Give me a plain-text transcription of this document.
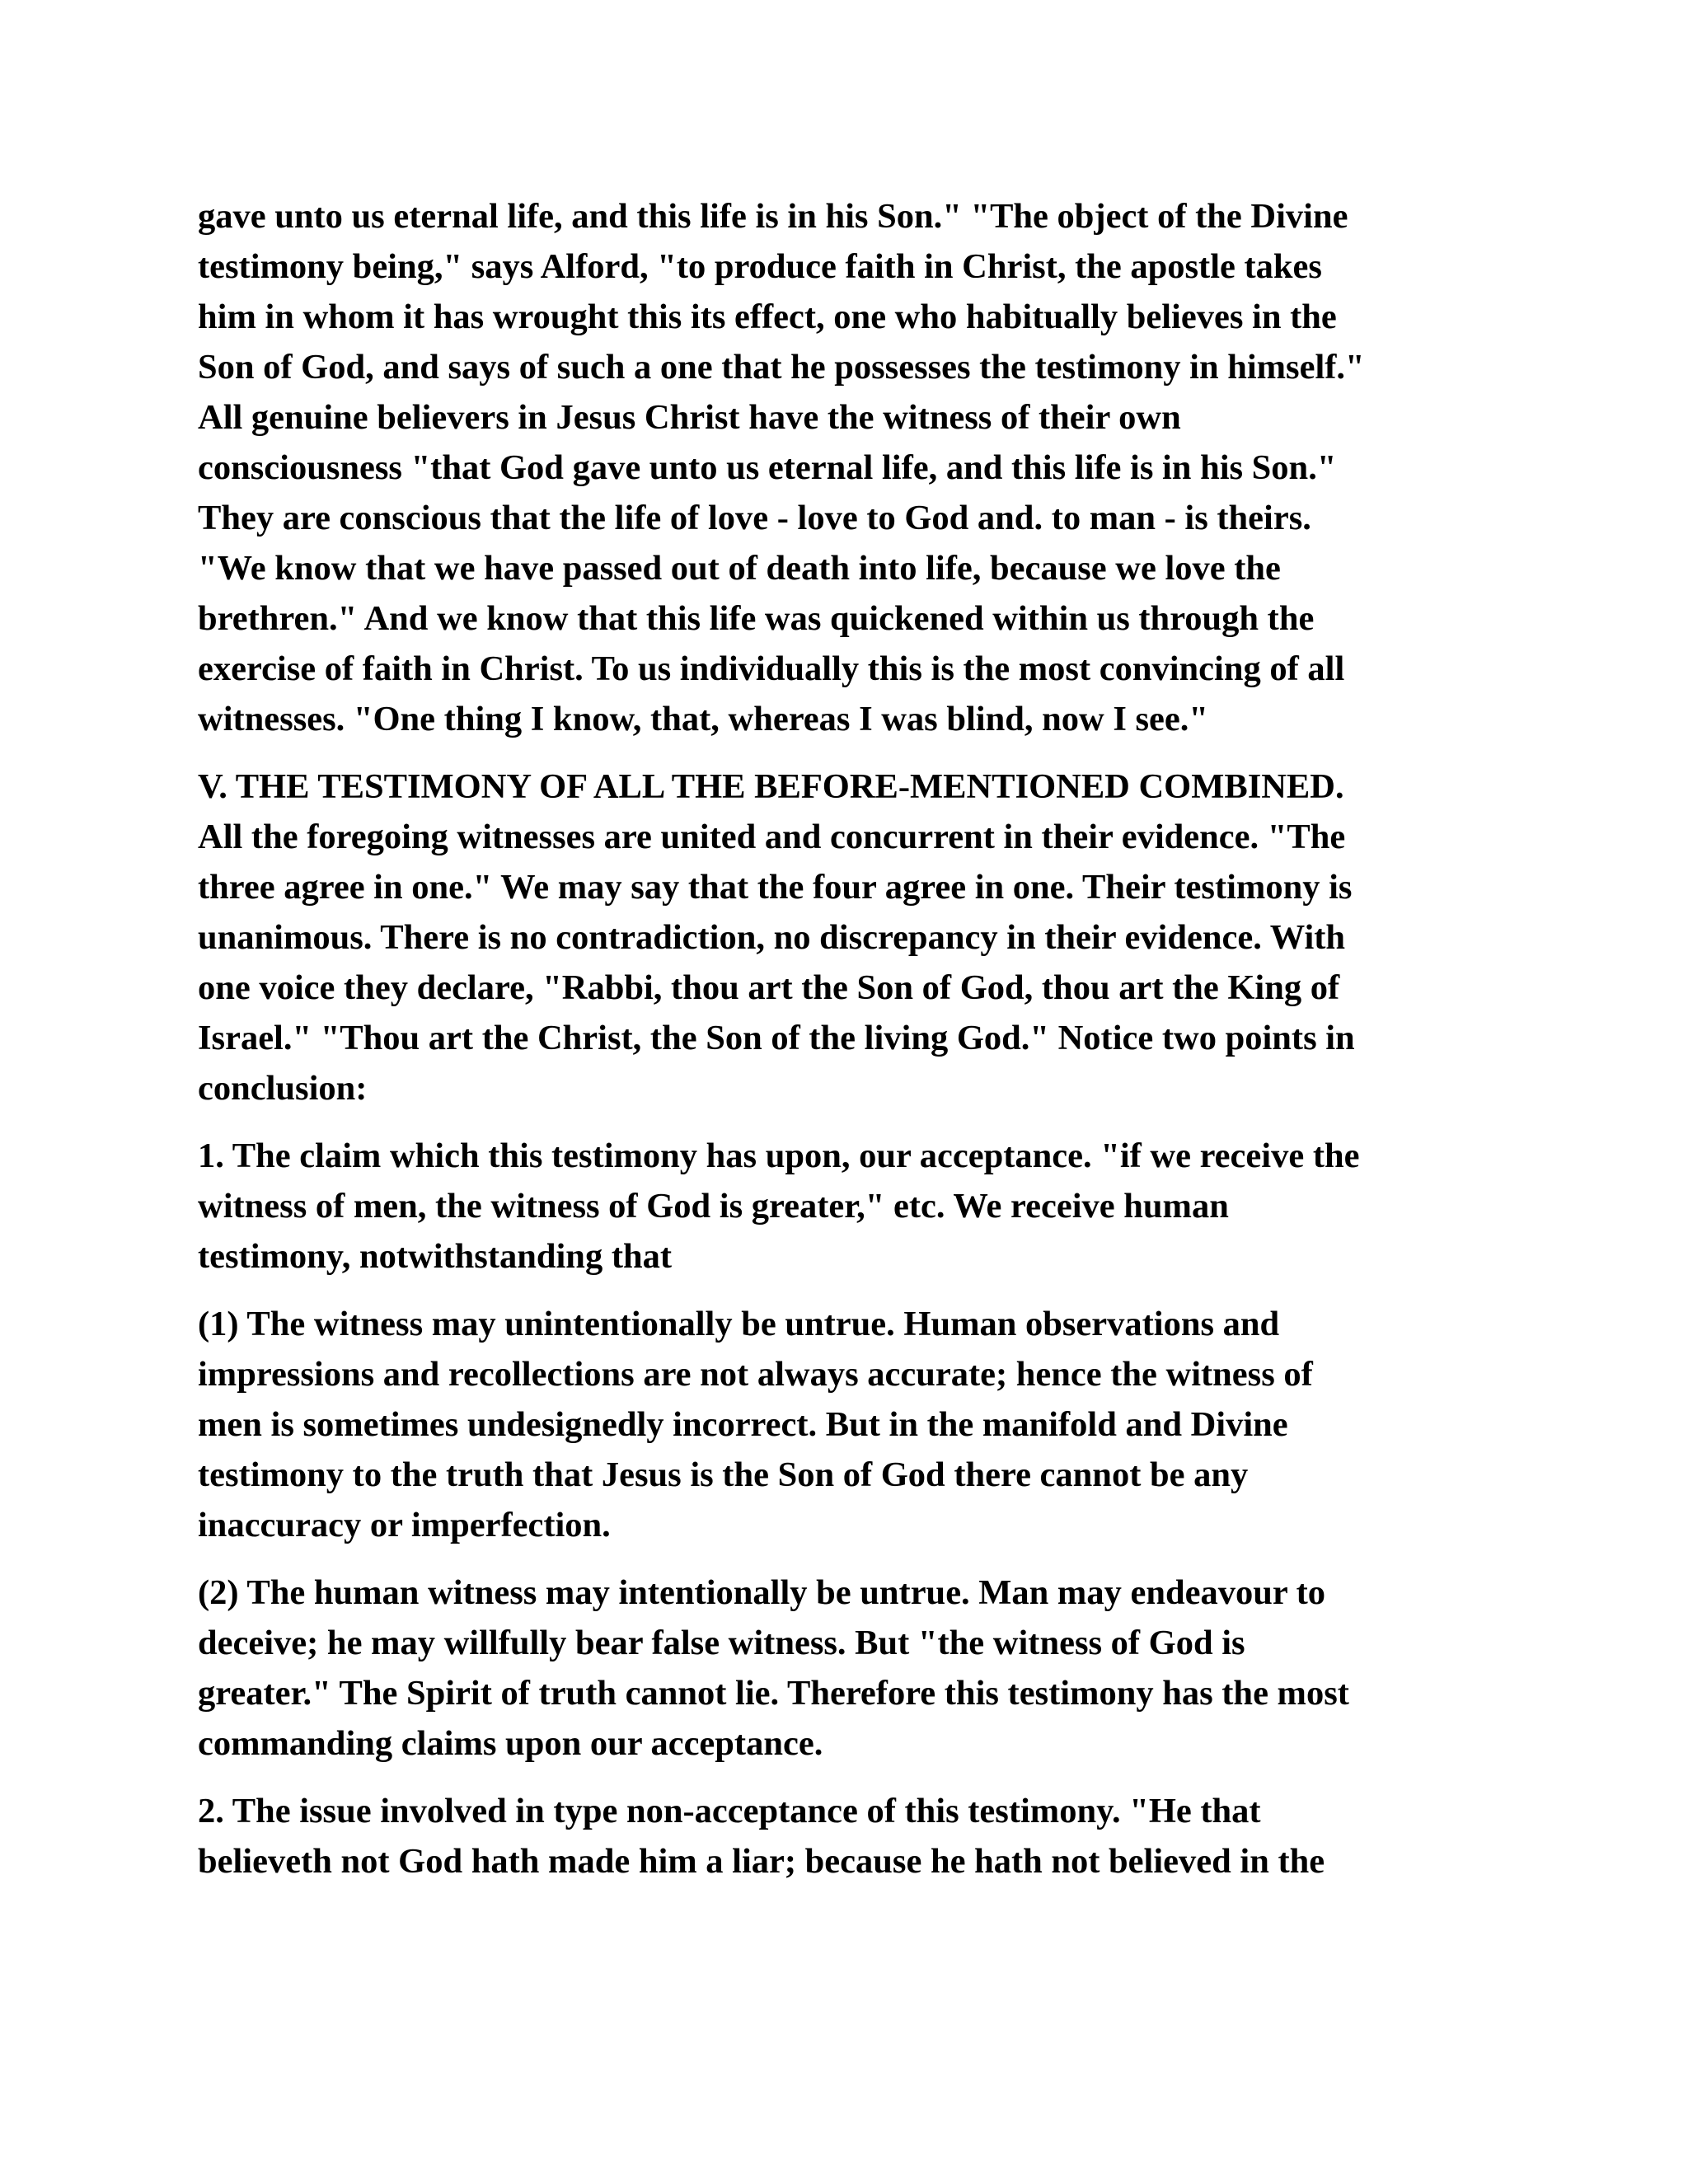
gave unto us eternal life, and this life is in his Son." "The object of the Divine
testimony being," says Alford, "to produce faith in Christ, the apostle takes
him in whom it has wrought this its effect, one who habitually believes in the
Son of God, and says of such a one that he possesses the testimony in himself."
All genuine believers in Jesus Christ have the witness of their own
consciousness "that God gave unto us eternal life, and this life is in his Son."
They are conscious that the life of love - love to God and. to man - is theirs.
"We know that we have passed out of death into life, because we love the
brethren." And we know that this life was quickened within us through the
exercise of faith in Christ. To us individually this is the most convincing of all
witnesses. "One thing I know, that, whereas I was blind, now I see."

V. THE TESTIMONY OF ALL THE BEFORE-MENTIONED COMBINED.
All the foregoing witnesses are united and concurrent in their evidence. "The
three agree in one." We may say that the four agree in one. Their testimony is
unanimous. There is no contradiction, no discrepancy in their evidence. With
one voice they declare, "Rabbi, thou art the Son of God, thou art the King of
Israel." "Thou art the Christ, the Son of the living God." Notice two points in
conclusion:

1. The claim which this testimony has upon, our acceptance. "if we receive the
witness of men, the witness of God is greater," etc. We receive human
testimony, notwithstanding that

(1) The witness may unintentionally be untrue. Human observations and
impressions and recollections are not always accurate; hence the witness of
men is sometimes undesignedly incorrect. But in the manifold and Divine
testimony to the truth that Jesus is the Son of God there cannot be any
inaccuracy or imperfection.

(2) The human witness may intentionally be untrue. Man may endeavour to
deceive; he may willfully bear false witness. But "the witness of God is
greater." The Spirit of truth cannot lie. Therefore this testimony has the most
commanding claims upon our acceptance.

2. The issue involved in type non-acceptance of this testimony. "He that
believeth not God hath made him a liar; because he hath not believed in the
